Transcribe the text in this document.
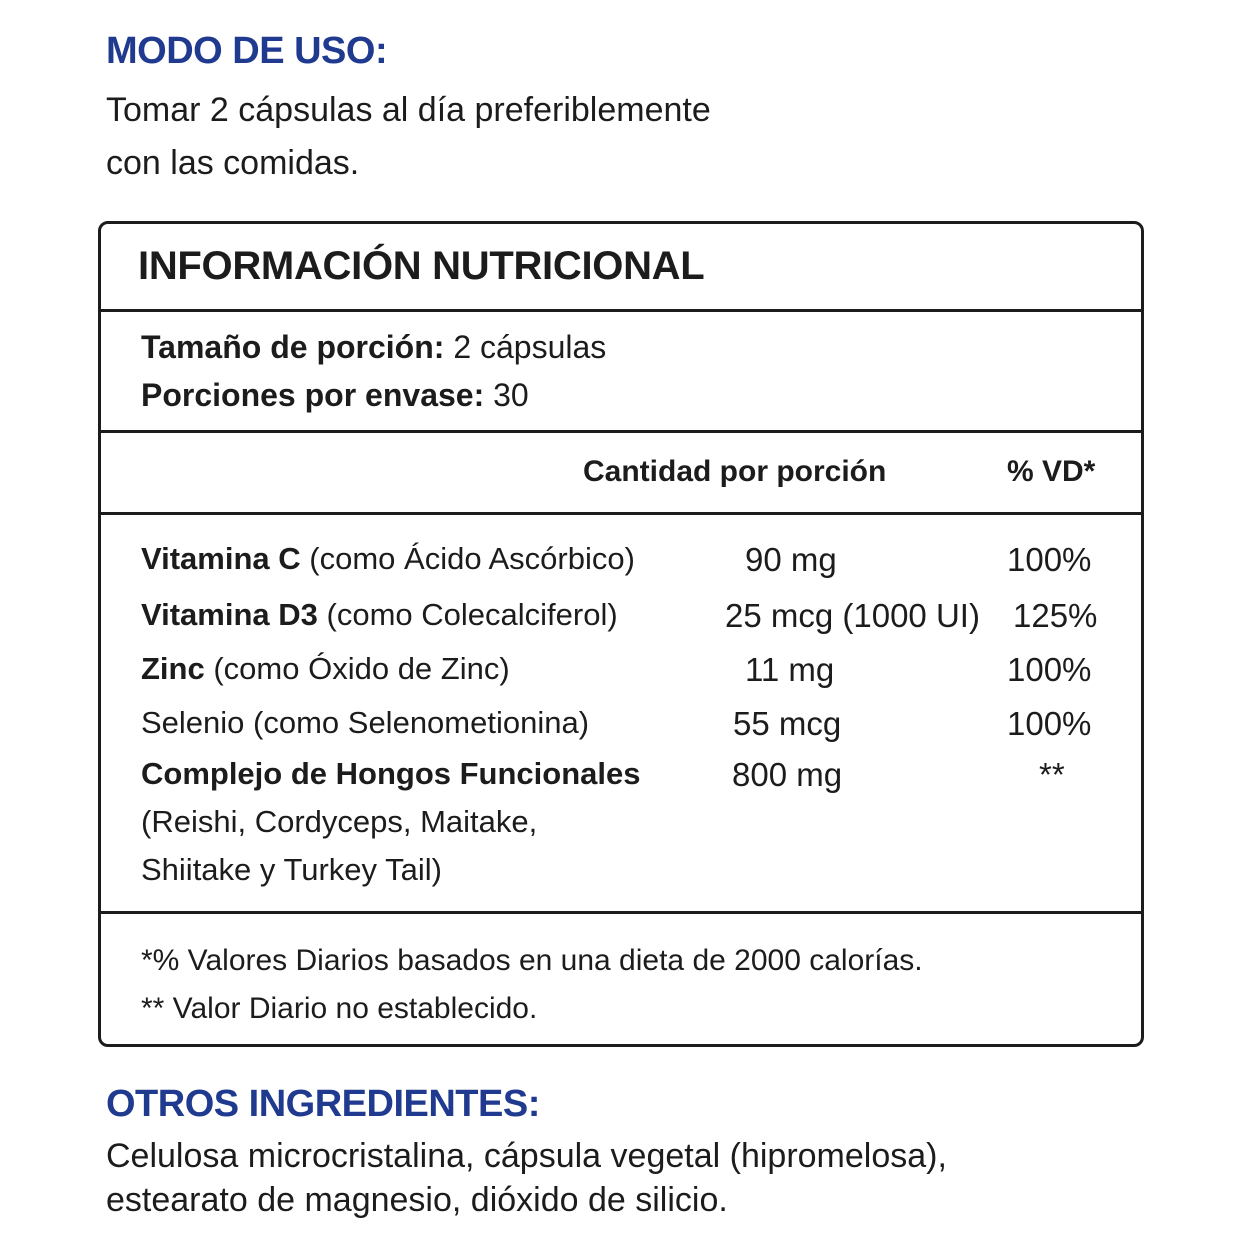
MODO DE USO:
Tomar 2 cápsulas al día preferiblemente
con las comidas.
INFORMACIÓN NUTRICIONAL
Tamaño de porción: 2 cápsulas
Porciones por envase: 30
Cantidad por porción	% VD*
Vitamina C (como Ácido Ascórbico)	90 mg	100%
Vitamina D3 (como Colecalciferol)	25 mcg (1000 UI) 125%
Zinc (como Óxido de Zinc)	11 mg	100%
Selenio (como Selenometionina)	55 mcg	100%
Complejo de Hongos Funcionales	800 mg	**
(Reishi, Cordyceps, Maitake,
Shiitake y Turkey Tail)
*% Valores Diarios basados en una dieta de 2000 calorías.
** Valor Diario no establecido.
OTROS INGREDIENTES:
Celulosa microcristalina, cápsula vegetal (hipromelosa),
estearato de magnesio, dióxido de silicio.
